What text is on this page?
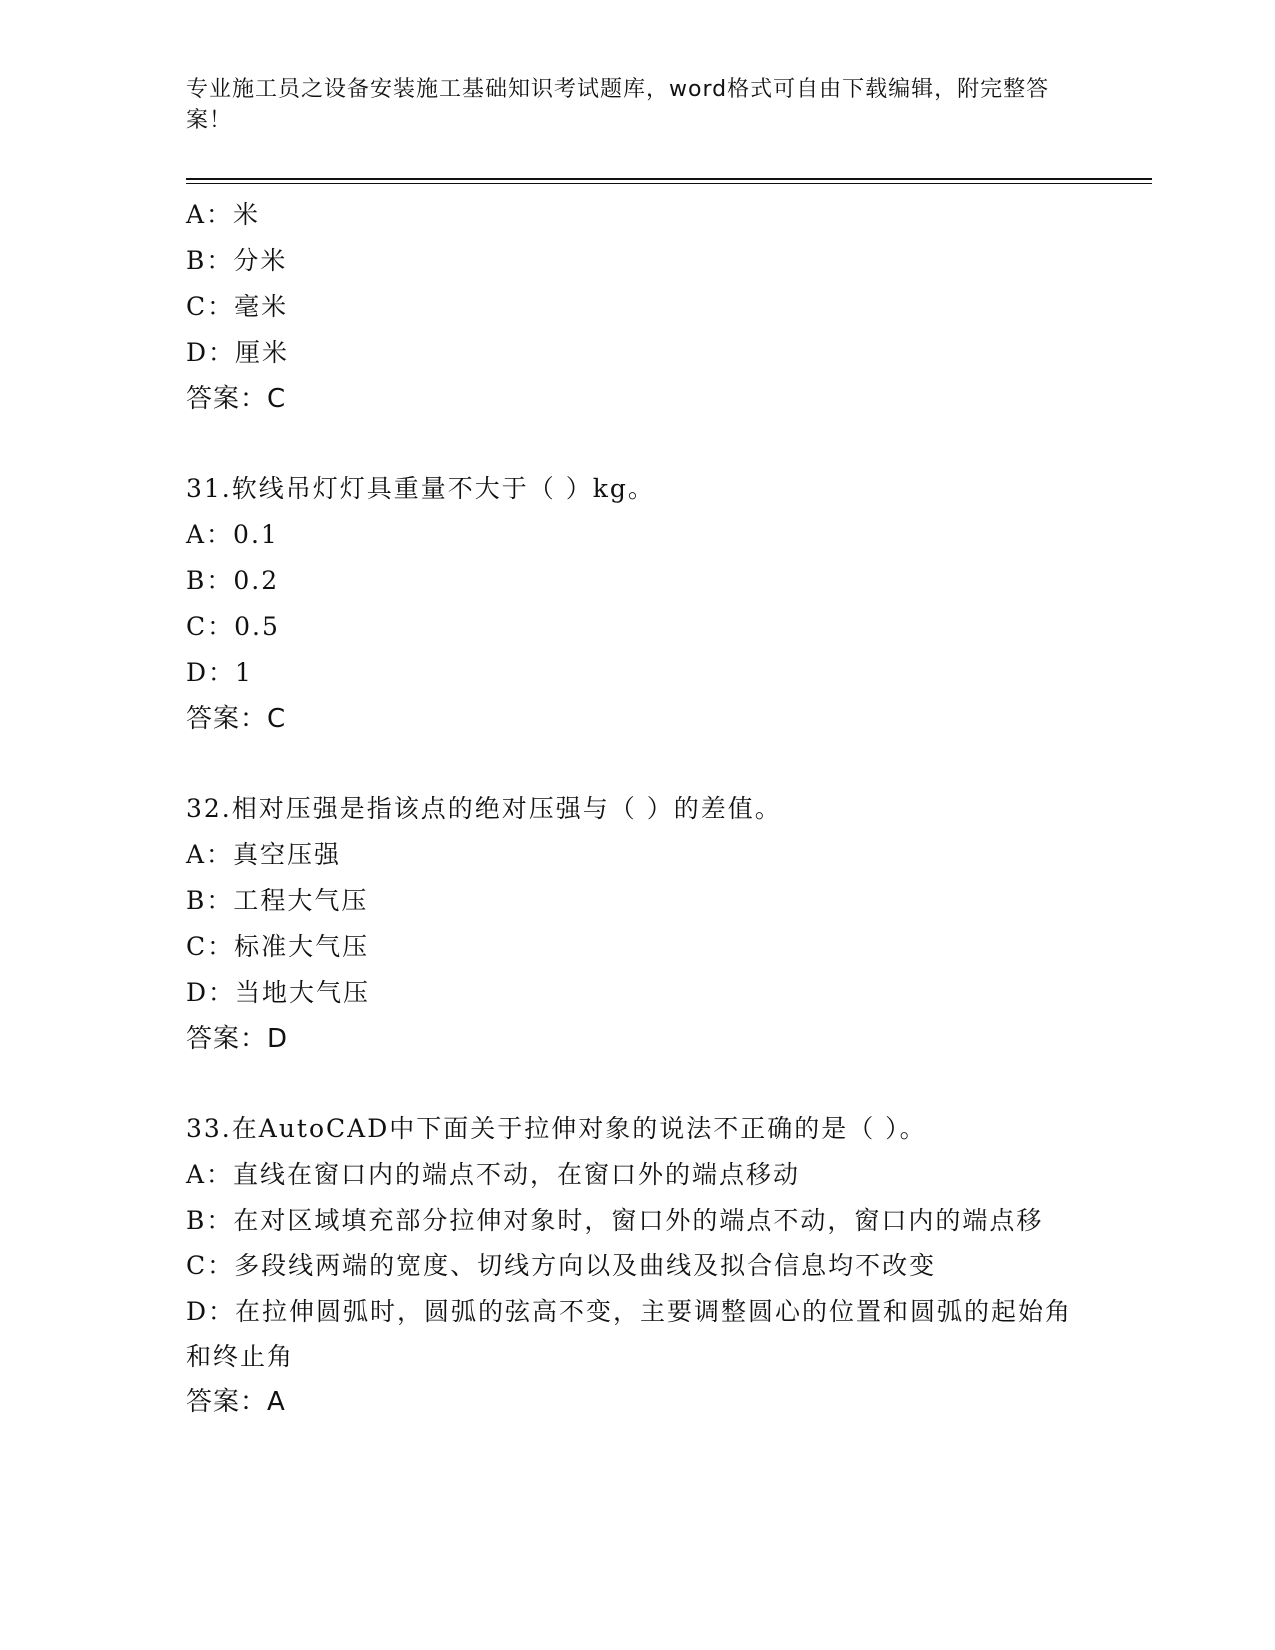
专业施工员之设备安装施工基础知识考试题库，word格式可自由下载编辑，附完整答案！
A：米
B：分米
C：毫米
D：厘米
答案：C
31.软线吊灯灯具重量不大于（ ）kg。
A：0.1
B：0.2
C：0.5
D：1
答案：C
32.相对压强是指该点的绝对压强与（ ）的差值。
A：真空压强
B：工程大气压
C：标准大气压
D：当地大气压
答案：D
33.在AutoCAD中下面关于拉伸对象的说法不正确的是（ ）。
A：直线在窗口内的端点不动，在窗口外的端点移动
B：在对区域填充部分拉伸对象时，窗口外的端点不动，窗口内的端点移
C：多段线两端的宽度、切线方向以及曲线及拟合信息均不改变
D：在拉伸圆弧时，圆弧的弦高不变，主要调整圆心的位置和圆弧的起始角和终止角
答案：A
